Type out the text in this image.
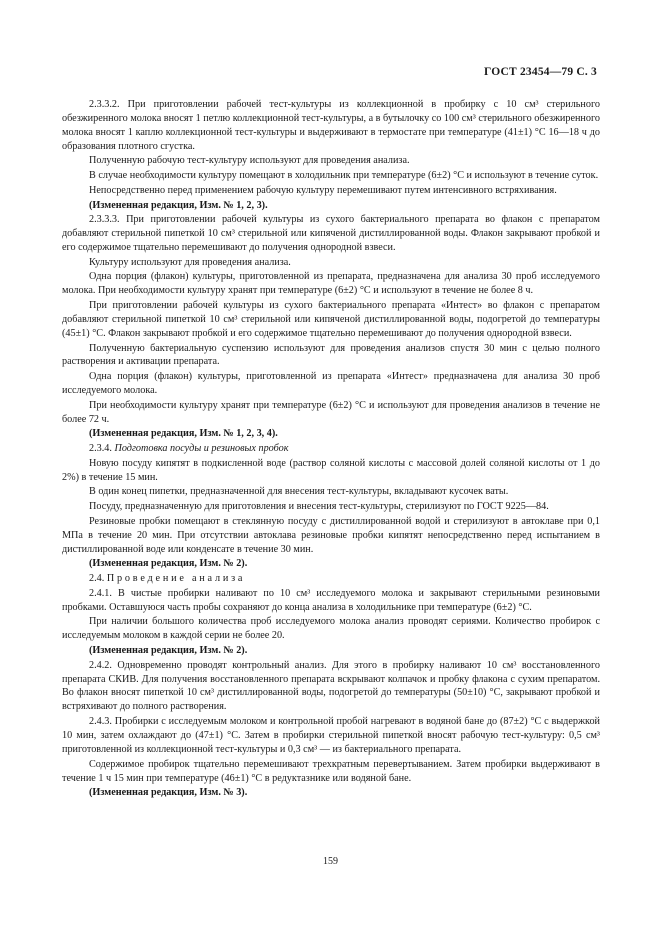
ГОСТ 23454—79 С. 3

2.3.3.2. При приготовлении рабочей тест-культуры из коллекционной в пробирку с 10 см³ стерильного обезжиренного молока вносят 1 петлю коллекционной тест-культуры, а в бутылочку со 100 см³ стерильного обезжиренного молока вносят 1 каплю коллекционной тест-культуры и выдерживают в термостате при температуре (41±1) °С 16—18 ч до образования плотного сгустка.

Полученную рабочую тест-культуру используют для проведения анализа.

В случае необходимости культуру помещают в холодильник при температуре (6±2) °С и используют в течение суток.

Непосредственно перед применением рабочую культуру перемешивают путем интенсивного встряхивания.

(Измененная редакция, Изм. № 1, 2, 3).

2.3.3.3. При приготовлении рабочей культуры из сухого бактериального препарата во флакон с препаратом добавляют стерильной пипеткой 10 см³ стерильной или кипяченой дистиллированной воды. Флакон закрывают пробкой и его содержимое тщательно перемешивают до получения однородной взвеси.

Культуру используют для проведения анализа.

Одна порция (флакон) культуры, приготовленной из препарата, предназначена для анализа 30 проб исследуемого молока. При необходимости культуру хранят при температуре (6±2) °С и используют в течение не более 8 ч.

При приготовлении рабочей культуры из сухого бактериального препарата «Интест» во флакон с препаратом добавляют стерильной пипеткой 10 см³ стерильной или кипяченой дистиллированной воды, подогретой до температуры (45±1) °С. Флакон закрывают пробкой и его содержимое тщательно перемешивают до получения однородной взвеси.

Полученную бактериальную суспензию используют для проведения анализов спустя 30 мин с целью полного растворения и активации препарата.

Одна порция (флакон) культуры, приготовленной из препарата «Интест» предназначена для анализа 30 проб исследуемого молока.

При необходимости культуру хранят при температуре (6±2) °С и используют для проведения анализов в течение не более 72 ч.

(Измененная редакция, Изм. № 1, 2, 3, 4).

2.3.4. Подготовка посуды и резиновых пробок

Новую посуду кипятят в подкисленной воде (раствор соляной кислоты с массовой долей соляной кислоты от 1 до 2%) в течение 15 мин.

В один конец пипетки, предназначенной для внесения тест-культуры, вкладывают кусочек ваты.

Посуду, предназначенную для приготовления и внесения тест-культуры, стерилизуют по ГОСТ 9225—84.

Резиновые пробки помещают в стеклянную посуду с дистиллированной водой и стерилизуют в автоклаве при 0,1 МПа в течение 20 мин. При отсутствии автоклава резиновые пробки кипятят непосредственно перед испытанием в дистиллированной воде или конденсате в течение 30 мин.

(Измененная редакция, Изм. № 2).

2.4. Проведение анализа

2.4.1. В чистые пробирки наливают по 10 см³ исследуемого молока и закрывают стерильными резиновыми пробками. Оставшуюся часть пробы сохраняют до конца анализа в холодильнике при температуре (6±2) °С.

При наличии большого количества проб исследуемого молока анализ проводят сериями. Количество пробирок с исследуемым молоком в каждой серии не более 20.

(Измененная редакция, Изм. № 2).

2.4.2. Одновременно проводят контрольный анализ. Для этого в пробирку наливают 10 см³ восстановленного препарата СКИВ. Для получения восстановленного препарата вскрывают колпачок и пробку флакона с сухим препаратом. Во флакон вносят пипеткой 10 см³ дистиллированной воды, подогретой до температуры (50±10) °С, закрывают пробкой и встряхивают до полного растворения.

2.4.3. Пробирки с исследуемым молоком и контрольной пробой нагревают в водяной бане до (87±2) °С с выдержкой 10 мин, затем охлаждают до (47±1) °С. Затем в пробирки стерильной пипеткой вносят рабочую тест-культуру: 0,5 см³ приготовленной из коллекционной тест-культуры и 0,3 см³ — из бактериального препарата.

Содержимое пробирок тщательно перемешивают трехкратным перевертыванием. Затем пробирки выдерживают в течение 1 ч 15 мин при температуре (46±1) °С в редуктазнике или водяной бане.

(Измененная редакция, Изм. № 3).

159
